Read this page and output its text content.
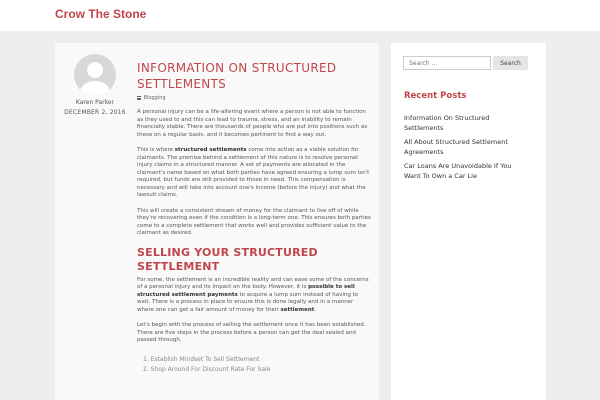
Crow The Stone
Karen Parker
DECEMBER 2, 2016
INFORMATION ON STRUCTURED SETTLEMENTS
Blogging

A personal injury can be a life-altering event where a person is not able to function as they used to and this can lead to trauma, stress, and an inability to remain financially stable. There are thousands of people who are put into positions such as these on a regular basis, and it becomes pertinent to find a way out.

This is where structured settlements come into action as a viable solution for claimants. The premise behind a settlement of this nature is to resolve personal injury claims in a structured manner. A set of payments are allocated in the claimant's name based on what both parties have agreed ensuring a lump sum isn't required, but funds are still provided to those in need. This compensation is necessary and will take into account one's income (before the injury) and what the lawsuit claims.

This will create a consistent stream of money for the claimant to live off of while they're recovering even if the condition is a long-term one. This ensures both parties come to a complete settlement that works well and provides sufficient value to the claimant as desired.

SELLING YOUR STRUCTURED SETTLEMENT

For some, the settlement is an incredible reality and can ease some of the concerns of a personal injury and its impact on the body. However, it is possible to sell structured settlement payments to acquire a lump sum instead of having to wait. There is a process in place to ensure this is done legally and in a manner where one can get a fair amount of money for their settlement.

Let's begin with the process of selling the settlement once it has been established. There are five steps in the process before a person can get the deal sealed and passed through.

1. Establish Mindset To Sell Settlement
2. Shop Around For Discount Rate For Sale
Search ...
Search
Recent Posts
Information On Structured Settlements
All About Structured Settlement Agreements
Car Loans Are Unavoidable If You Want To Own a Car Lie
